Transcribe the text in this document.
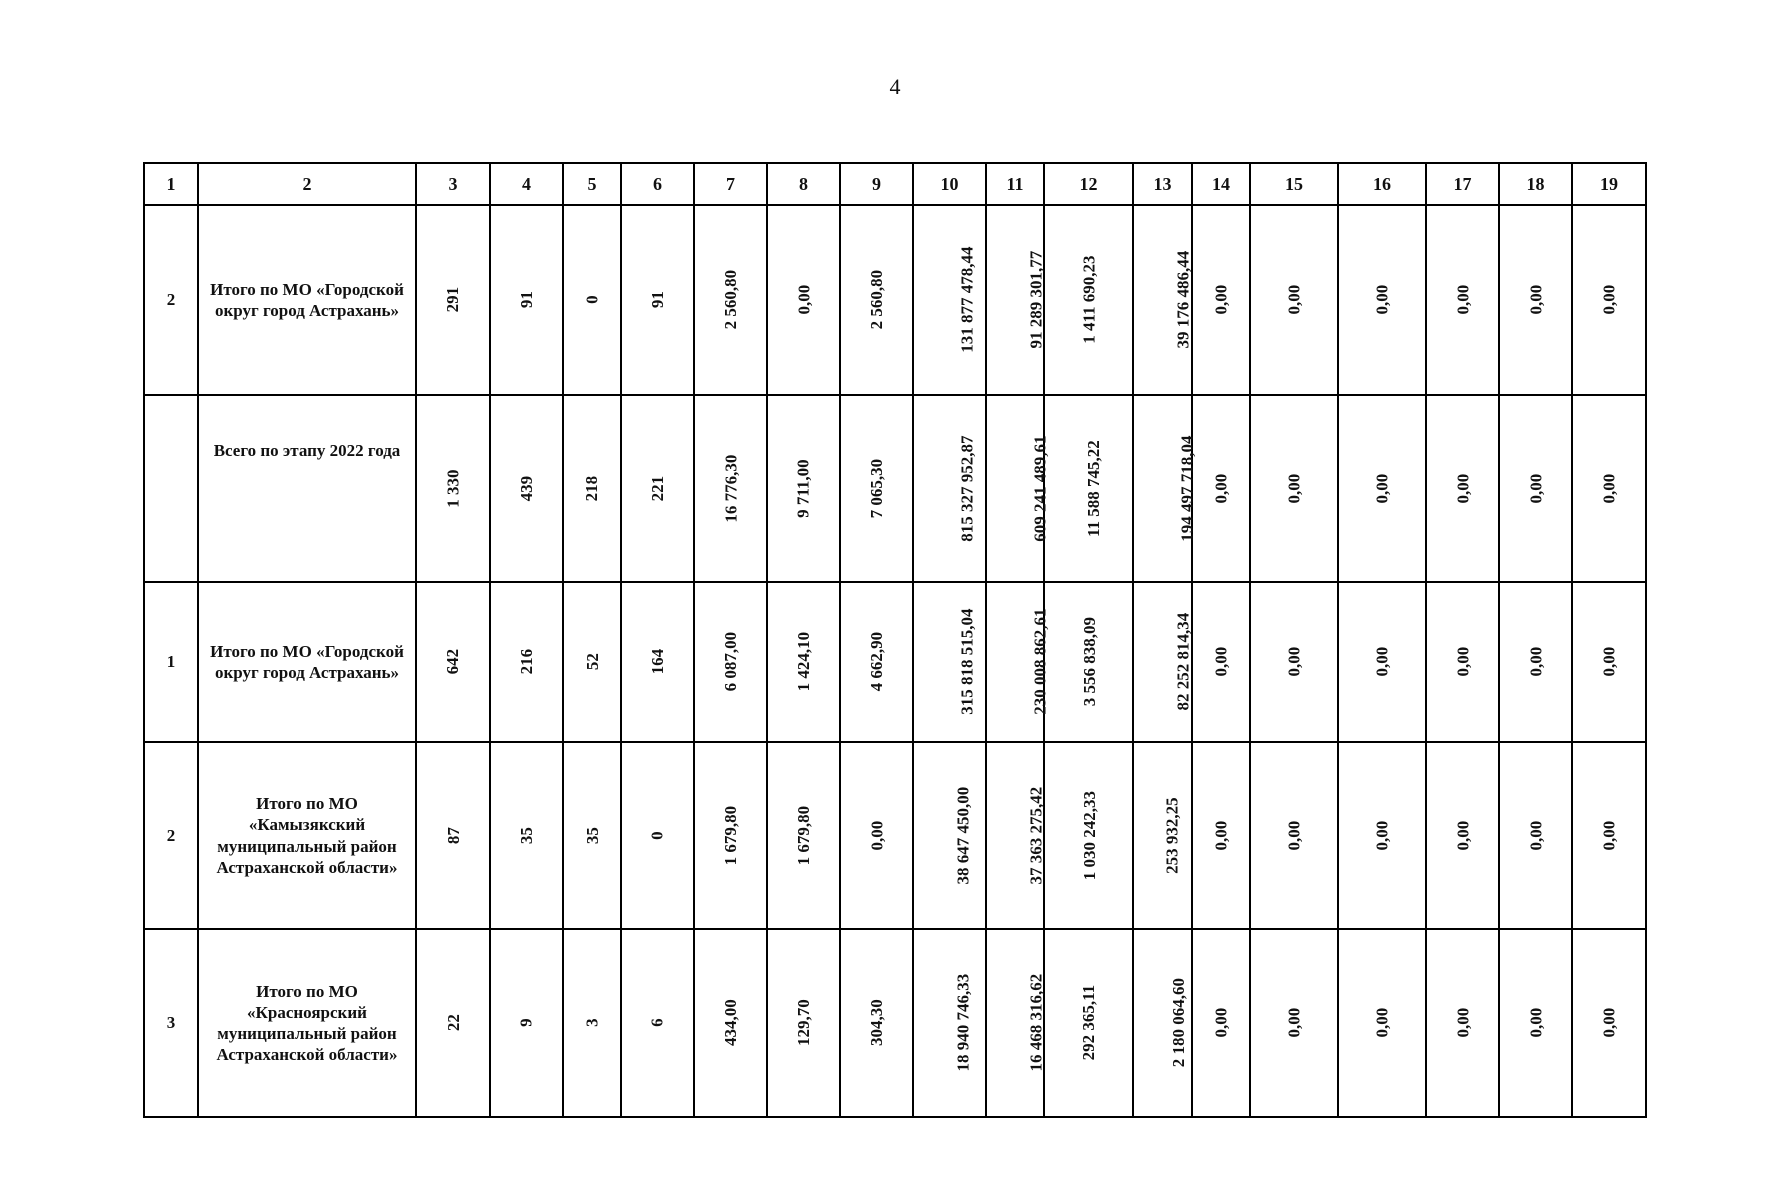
4
1	2	3	4	5	6	7	8	9	10	11	12	13	14	15	16	17	18	19
2	Итого по МО «Городской округ город Астрахань»	291	91	0	91	2 560,80	0,00	2 560,80	131 877 478,44	91 289 301,77	1 411 690,23	39 176 486,44	0,00	0,00	0,00	0,00	0,00	0,00
	Всего по этапу 2022 года	1 330	439	218	221	16 776,30	9 711,00	7 065,30	815 327 952,87	609 241 489,61	11 588 745,22	194 497 718,04	0,00	0,00	0,00	0,00	0,00	0,00
1	Итого по МО «Городской округ город Астрахань»	642	216	52	164	6 087,00	1 424,10	4 662,90	315 818 515,04	230 008 862,61	3 556 838,09	82 252 814,34	0,00	0,00	0,00	0,00	0,00	0,00
2	Итого по МО «Камызякский муниципальный район Астраханской области»	87	35	35	0	1 679,80	1 679,80	0,00	38 647 450,00	37 363 275,42	1 030 242,33	253 932,25	0,00	0,00	0,00	0,00	0,00	0,00
3	Итого по МО «Красноярский муниципальный район Астраханской области»	22	9	3	6	434,00	129,70	304,30	18 940 746,33	16 468 316,62	292 365,11	2 180 064,60	0,00	0,00	0,00	0,00	0,00	0,00
